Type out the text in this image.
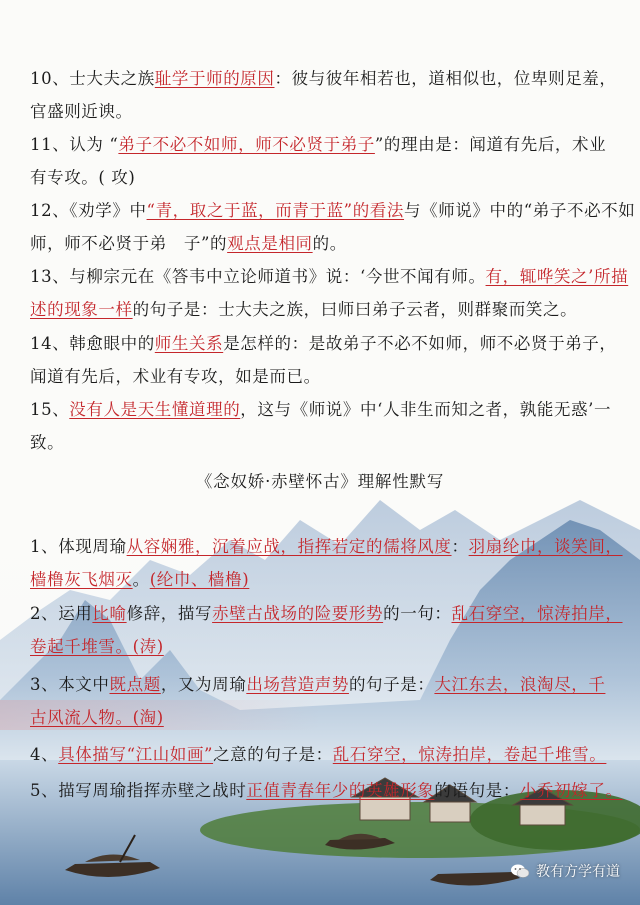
10、士大夫之族耻学于师的原因：彼与彼年相若也，道相似也，位卑则足羞，
官盛则近谀。
11、认为 “弟子不必不如师，师不必贤于弟子”的理由是：闻道有先后，术业
有专攻。( 攻)
12、《劝学》中“青，取之于蓝，而青于蓝”的看法与《师说》中的“弟子不必不如
师，师不必贤于弟　子”的观点是相同的。
13、与柳宗元在《答韦中立论师道书》说：‘今世不闻有师。有，辄哗笑之’所描
述的现象一样的句子是：士大夫之族，曰师曰弟子云者，则群聚而笑之。
14、韩愈眼中的师生关系是怎样的：是故弟子不必不如师，师不必贤于弟子，
闻道有先后，术业有专攻，如是而已。
15、没有人是天生懂道理的，这与《师说》中‘人非生而知之者，孰能无惑’一
致。
《念奴娇·赤壁怀古》理解性默写
1、体现周瑜从容娴雅，沉着应战，指挥若定的儒将风度：羽扇纶巾，谈笑间，
樯橹灰飞烟灭。(纶巾、樯橹)
2、运用比喻修辞，描写赤壁古战场的险要形势的一句：乱石穿空，惊涛拍岸，
卷起千堆雪。(涛)
3、本文中既点题，又为周瑜出场营造声势的句子是：大江东去，浪淘尽，千
古风流人物。(淘)
4、具体描写“江山如画”之意的句子是：乱石穿空，惊涛拍岸，卷起千堆雪。
5、描写周瑜指挥赤壁之战时正值青春年少的英雄形象的语句是：小乔初嫁了。
教有方学有道
